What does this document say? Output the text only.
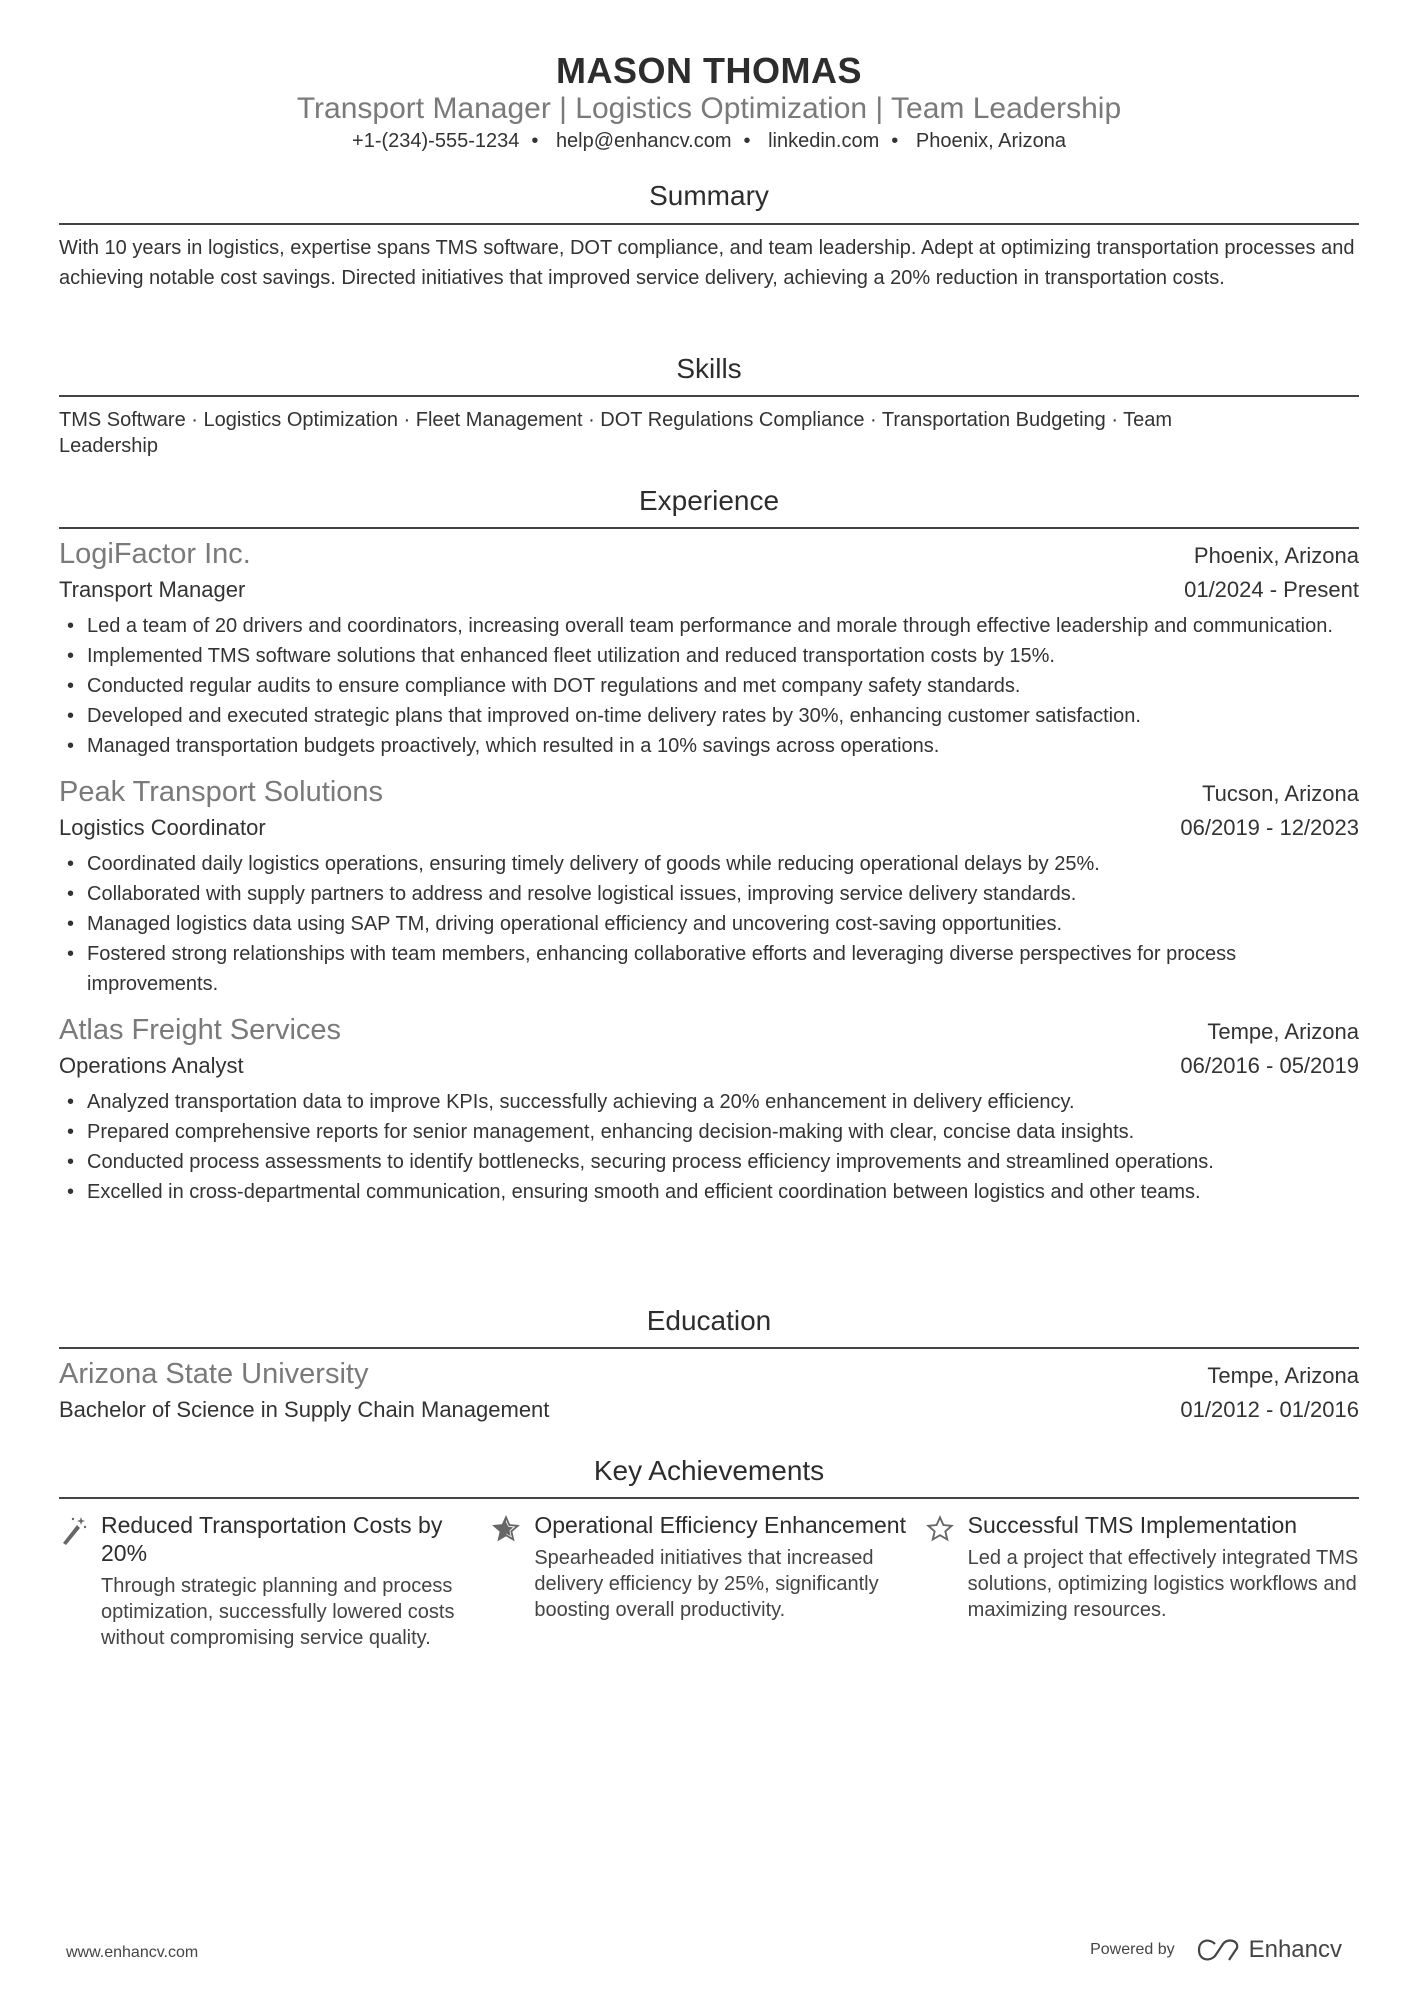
MASON THOMAS
Transport Manager | Logistics Optimization | Team Leadership
+1-(234)-555-1234 • help@enhancv.com • linkedin.com • Phoenix, Arizona
Summary
With 10 years in logistics, expertise spans TMS software, DOT compliance, and team leadership. Adept at optimizing transportation processes and achieving notable cost savings. Directed initiatives that improved service delivery, achieving a 20% reduction in transportation costs.
Skills
TMS Software · Logistics Optimization · Fleet Management · DOT Regulations Compliance · Transportation Budgeting · Team Leadership
Experience
LogiFactor Inc.	Phoenix, Arizona
Transport Manager	01/2024 - Present
• Led a team of 20 drivers and coordinators, increasing overall team performance and morale through effective leadership and communication.
• Implemented TMS software solutions that enhanced fleet utilization and reduced transportation costs by 15%.
• Conducted regular audits to ensure compliance with DOT regulations and met company safety standards.
• Developed and executed strategic plans that improved on-time delivery rates by 30%, enhancing customer satisfaction.
• Managed transportation budgets proactively, which resulted in a 10% savings across operations.
Peak Transport Solutions	Tucson, Arizona
Logistics Coordinator	06/2019 - 12/2023
• Coordinated daily logistics operations, ensuring timely delivery of goods while reducing operational delays by 25%.
• Collaborated with supply partners to address and resolve logistical issues, improving service delivery standards.
• Managed logistics data using SAP TM, driving operational efficiency and uncovering cost-saving opportunities.
• Fostered strong relationships with team members, enhancing collaborative efforts and leveraging diverse perspectives for process improvements.
Atlas Freight Services	Tempe, Arizona
Operations Analyst	06/2016 - 05/2019
• Analyzed transportation data to improve KPIs, successfully achieving a 20% enhancement in delivery efficiency.
• Prepared comprehensive reports for senior management, enhancing decision-making with clear, concise data insights.
• Conducted process assessments to identify bottlenecks, securing process efficiency improvements and streamlined operations.
• Excelled in cross-departmental communication, ensuring smooth and efficient coordination between logistics and other teams.
Education
Arizona State University	Tempe, Arizona
Bachelor of Science in Supply Chain Management	01/2012 - 01/2016
Key Achievements
Reduced Transportation Costs by 20%
Through strategic planning and process optimization, successfully lowered costs without compromising service quality.
Operational Efficiency Enhancement
Spearheaded initiatives that increased delivery efficiency by 25%, significantly boosting overall productivity.
Successful TMS Implementation
Led a project that effectively integrated TMS solutions, optimizing logistics workflows and maximizing resources.
www.enhancv.com	Powered by	Enhancv
